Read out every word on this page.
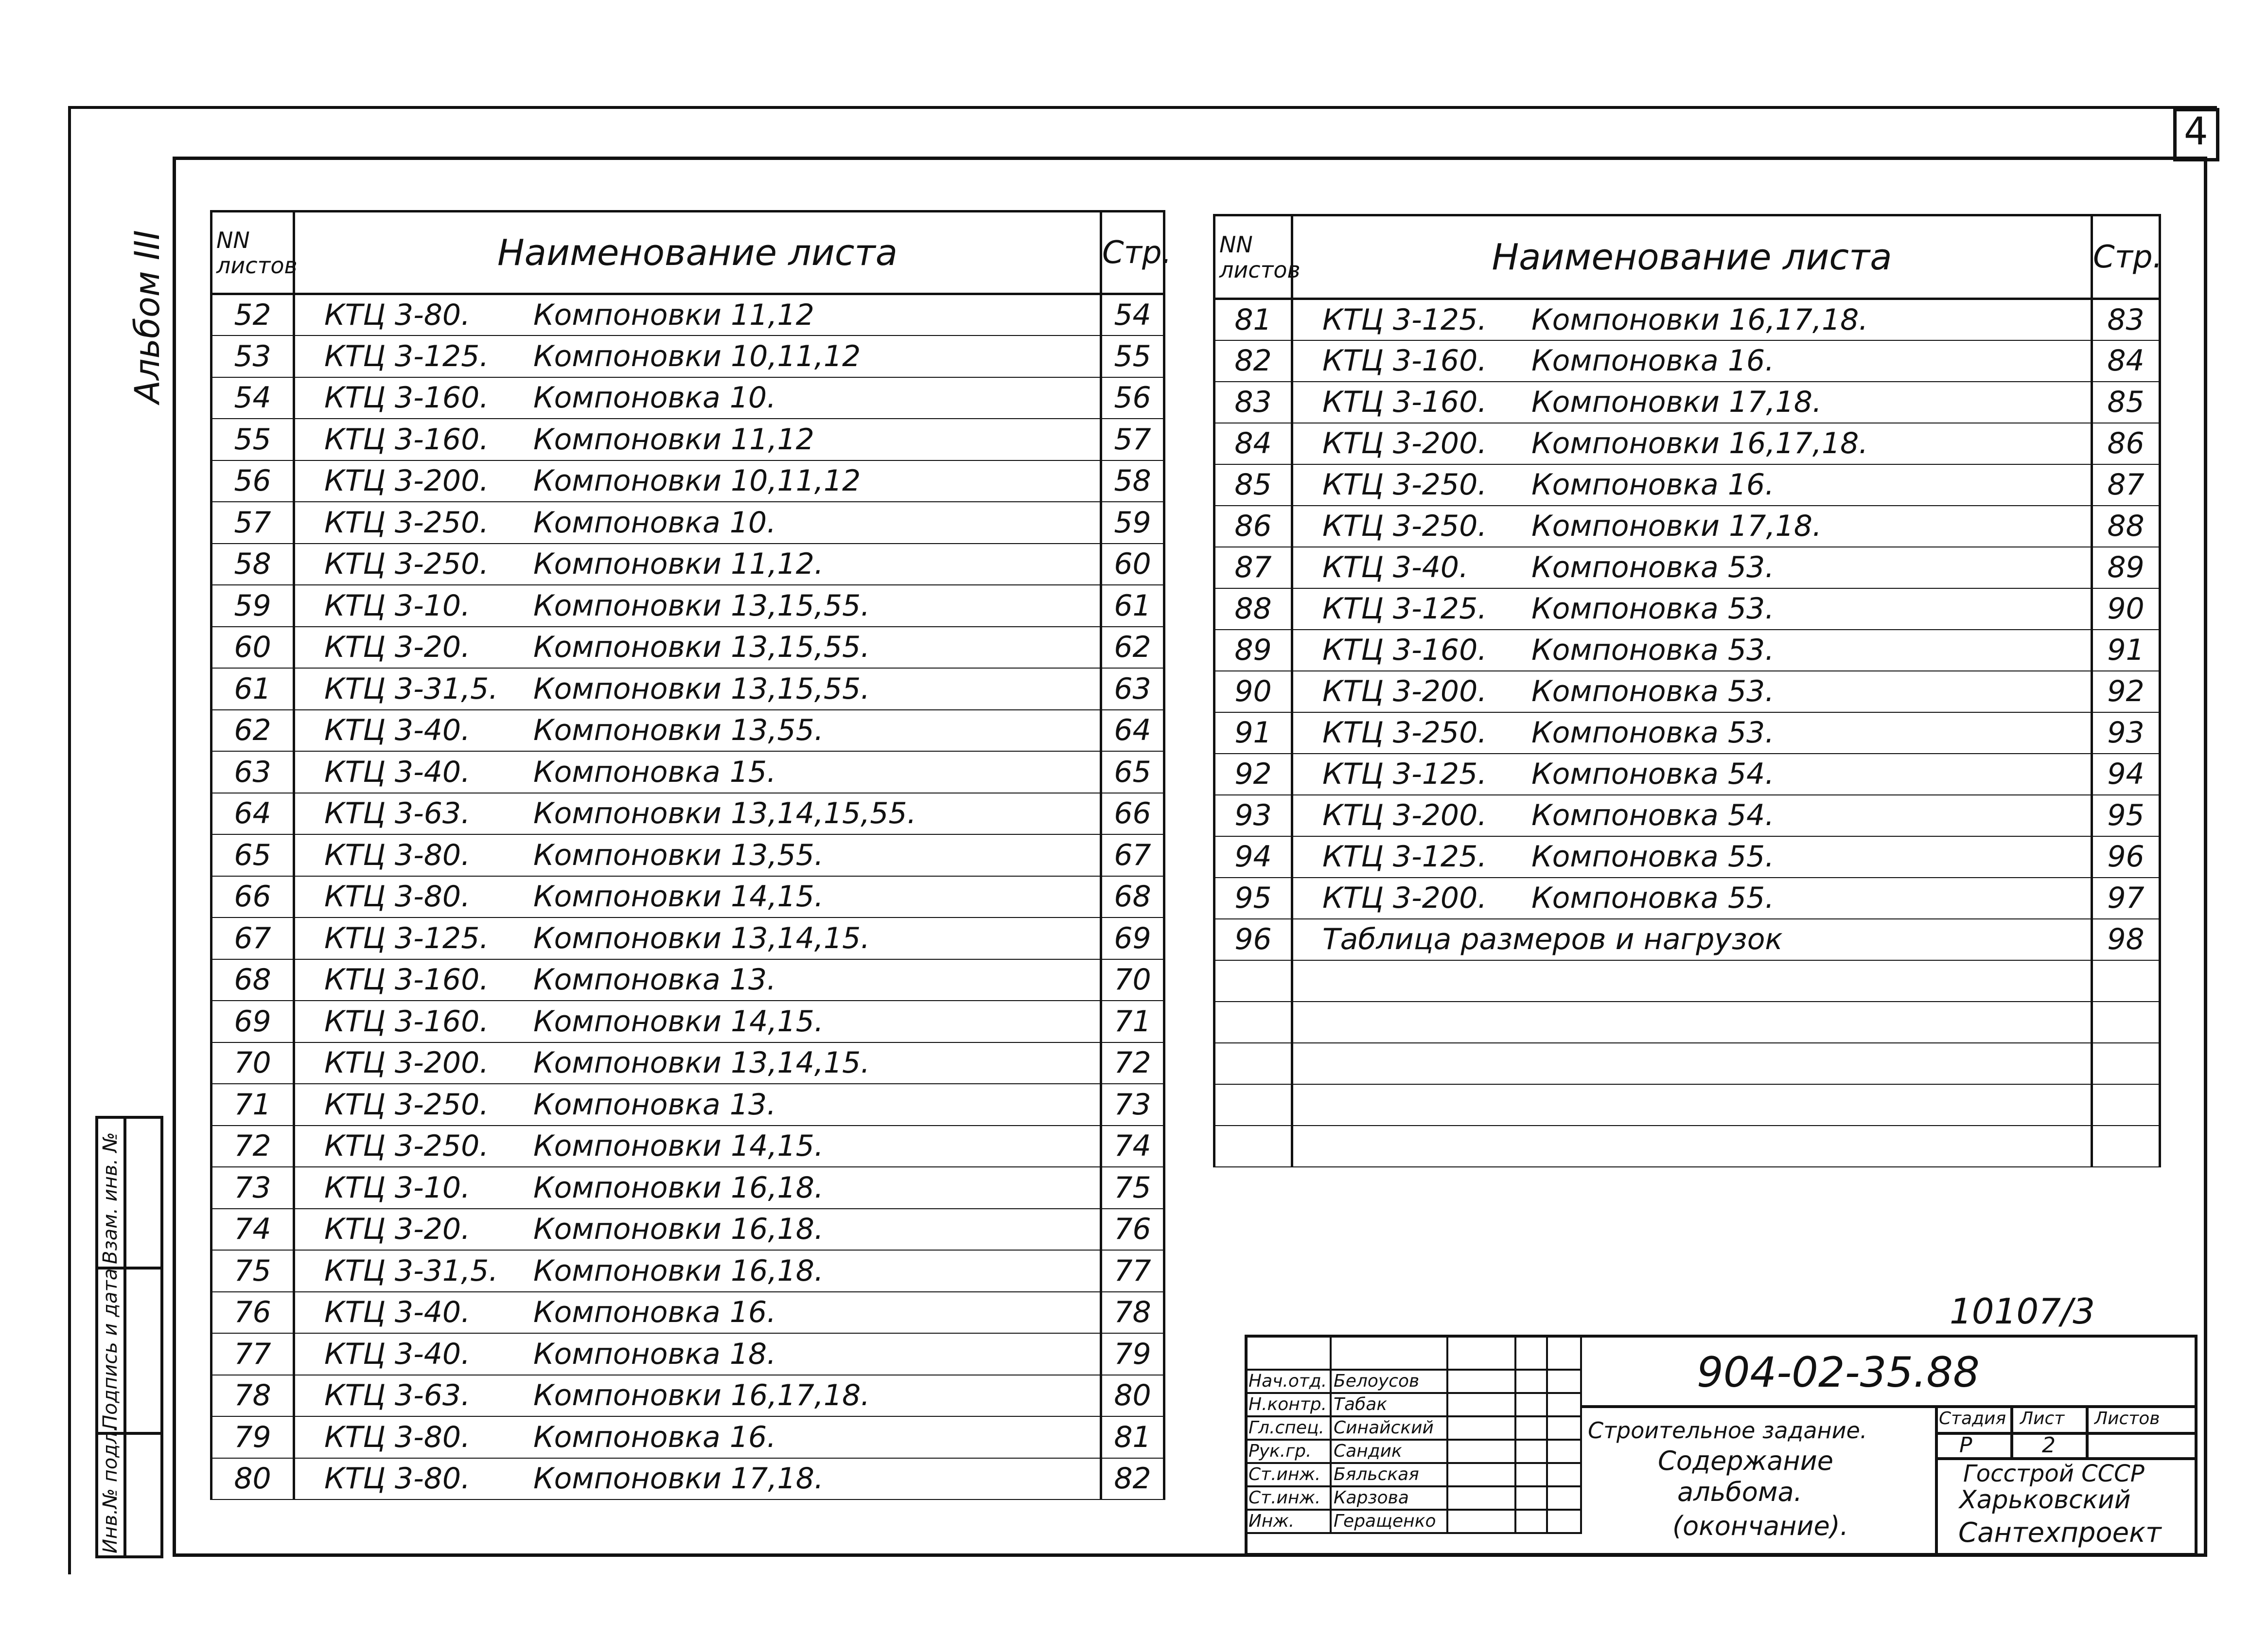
4
Альбом III
Инв.№ подл.
Подпись и дата
Взам. инв. №
NN листов	Наименование листа	Стр.
52	КТЦ 3-80. Компоновки 11,12	54
53	КТЦ 3-125. Компоновки 10,11,12	55
54	КТЦ 3-160. Компоновка 10.	56
55	КТЦ 3-160. Компоновки 11,12	57
56	КТЦ 3-200. Компоновки 10,11,12	58
57	КТЦ 3-250. Компоновка 10.	59
58	КТЦ 3-250. Компоновки 11,12.	60
59	КТЦ 3-10. Компоновки 13,15,55.	61
60	КТЦ 3-20. Компоновки 13,15,55.	62
61	КТЦ 3-31,5. Компоновки 13,15,55.	63
62	КТЦ 3-40. Компоновки 13,55.	64
63	КТЦ 3-40. Компоновка 15.	65
64	КТЦ 3-63. Компоновки 13,14,15,55.	66
65	КТЦ 3-80. Компоновки 13,55.	67
66	КТЦ 3-80. Компоновки 14,15.	68
67	КТЦ 3-125. Компоновки 13,14,15.	69
68	КТЦ 3-160. Компоновка 13.	70
69	КТЦ 3-160. Компоновки 14,15.	71
70	КТЦ 3-200. Компоновки 13,14,15.	72
71	КТЦ 3-250. Компоновка 13.	73
72	КТЦ 3-250. Компоновки 14,15.	74
73	КТЦ 3-10. Компоновки 16,18.	75
74	КТЦ 3-20. Компоновки 16,18.	76
75	КТЦ 3-31,5. Компоновки 16,18.	77
76	КТЦ 3-40. Компоновка 16.	78
77	КТЦ 3-40. Компоновка 18.	79
78	КТЦ 3-63. Компоновки 16,17,18.	80
79	КТЦ 3-80. Компоновка 16.	81
80	КТЦ 3-80. Компоновки 17,18.	82
NN листов	Наименование листа	Стр.
81	КТЦ 3-125. Компоновки 16,17,18.	83
82	КТЦ 3-160. Компоновка 16.	84
83	КТЦ 3-160. Компоновки 17,18.	85
84	КТЦ 3-200. Компоновки 16,17,18.	86
85	КТЦ 3-250. Компоновка 16.	87
86	КТЦ 3-250. Компоновки 17,18.	88
87	КТЦ 3-40. Компоновка 53.	89
88	КТЦ 3-125. Компоновка 53.	90
89	КТЦ 3-160. Компоновка 53.	91
90	КТЦ 3-200. Компоновка 53.	92
91	КТЦ 3-250. Компоновка 53.	93
92	КТЦ 3-125. Компоновка 54.	94
93	КТЦ 3-200. Компоновка 54.	95
94	КТЦ 3-125. Компоновка 55.	96
95	КТЦ 3-200. Компоновка 55.	97
96	Таблица размеров и нагрузок	98

10107/3

Нач.отд.	Белоусов			
Н.контр.	Табак			
Гл.спец.	Синайский			
Рук.гр.	Сандик			
Ст.инж.	Бяльская			
Ст.инж.	Карзова			
Инж.	Геращенко			
904-02-35.88
Строительное задание.
Содержание
альбома.
(окончание).
Стадия Лист Листов
Р	2
Госстрой СССР
Харьковский
Сантехпроект
